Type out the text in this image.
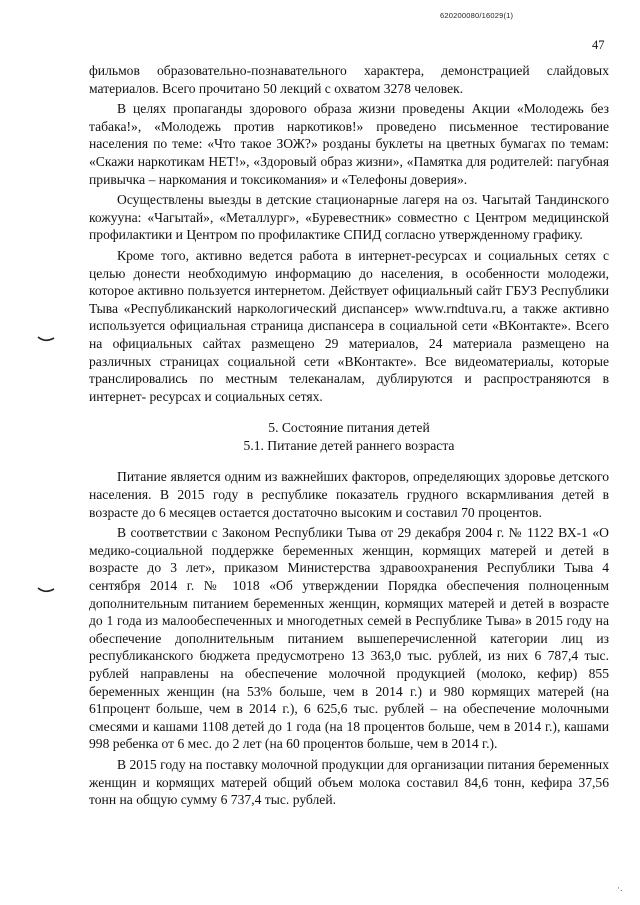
620200080/16029(1)
47

фильмов образовательно-познавательного характера, демонстрацией слайдовых материалов. Всего прочитано 50 лекций с охватом 3278 человек.

В целях пропаганды здорового образа жизни проведены Акции «Молодежь без табака!», «Молодежь против наркотиков!» проведено письменное тестирование населения по теме: «Что такое ЗОЖ?» розданы буклеты на цветных бумагах по темам: «Скажи наркотикам НЕТ!», «Здоровый образ жизни», «Памятка для родителей: пагубная привычка – наркомания и токсикомания» и «Телефоны доверия».

Осуществлены выезды в детские стационарные лагеря на оз. Чагытай Тандинского кожууна: «Чагытай», «Металлург», «Буревестник» совместно с Центром медицинской профилактики и Центром по профилактике СПИД согласно утвержденному графику.

Кроме того, активно ведется работа в интернет-ресурсах и социальных сетях с целью донести необходимую информацию до населения, в особенности молодежи, которое активно пользуется интернетом. Действует официальный сайт ГБУЗ Республики Тыва «Республиканский наркологический диспансер» www.rndtuva.ru, а также активно используется официальная страница диспансера в социальной сети «ВКонтакте». Всего на официальных сайтах размещено 29 материалов, 24 материала размещено на различных страницах социальной сети «ВКонтакте». Все видеоматериалы, которые транслировались по местным телеканалам, дублируются и распространяются в интернет- ресурсах и социальных сетях.

5. Состояние питания детей

5.1. Питание детей раннего возраста

Питание является одним из важнейших факторов, определяющих здоровье детского населения. В 2015 году в республике показатель грудного вскармливания детей в возрасте до 6 месяцев остается достаточно высоким и составил 70 процентов.

В соответствии с Законом Республики Тыва от 29 декабря 2004 г. № 1122 ВХ-1 «О медико-социальной поддержке беременных женщин, кормящих матерей и детей в возрасте до 3 лет», приказом Министерства здравоохранения Республики Тыва 4 сентября 2014 г. № 1018 «Об утверждении Порядка обеспечения полноценным дополнительным питанием беременных женщин, кормящих матерей и детей в возрасте до 1 года из малообеспеченных и многодетных семей в Республике Тыва» в 2015 году на обеспечение дополнительным питанием вышеперечисленной категории лиц из республиканского бюджета предусмотрено 13 363,0 тыс. рублей, из них 6 787,4 тыс. рублей направлены на обеспечение молочной продукцией (молоко, кефир) 855 беременных женщин (на 53% больше, чем в 2014 г.) и 980 кормящих матерей (на 61процент больше, чем в 2014 г.), 6 625,6 тыс. рублей – на обеспечение молочными смесями и кашами 1108 детей до 1 года (на 18 процентов больше, чем в 2014 г.), кашами 998 ребенка от 6 мес. до 2 лет (на 60 процентов больше, чем в 2014 г.).

В 2015 году на поставку молочной продукции для организации питания беременных женщин и кормящих матерей общий объем молока составил 84,6 тонн, кефира 37,56 тонн на общую сумму 6 737,4 тыс. рублей.

·.
